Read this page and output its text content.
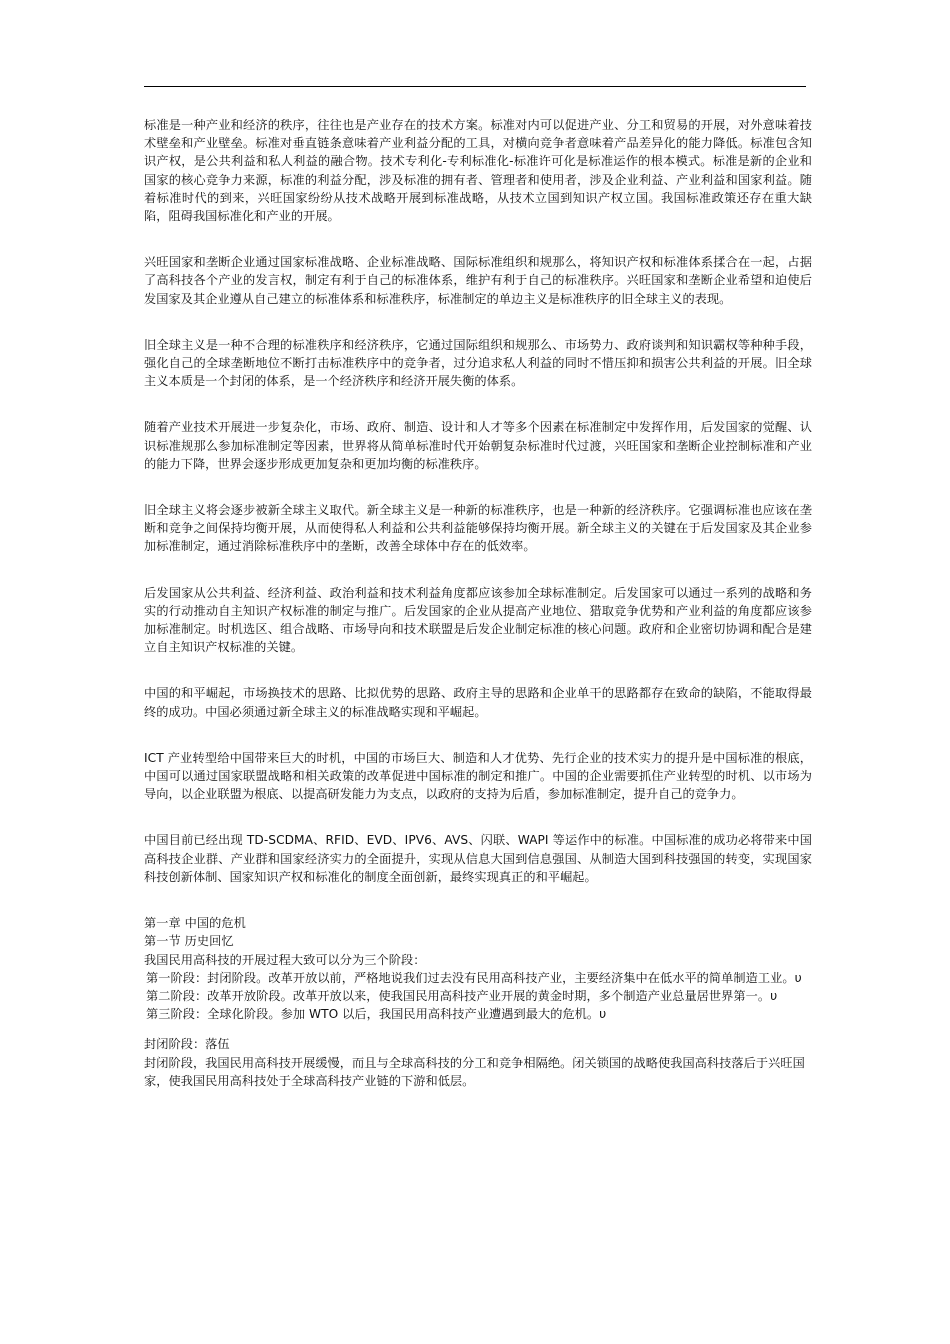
标准是一种产业和经济的秩序，往往也是产业存在的技术方案。标准对内可以促进产业、分工和贸易的开展，对外意味着技术壁垒和产业壁垒。标准对垂直链条意味着产业利益分配的工具，对横向竞争者意味着产品差异化的能力降低。标准包含知识产权，是公共利益和私人利益的融合物。技术专利化-专利标准化-标准许可化是标准运作的根本模式。标准是新的企业和国家的核心竞争力来源，标准的利益分配，涉及标准的拥有者、管理者和使用者，涉及企业利益、产业利益和国家利益。随着标准时代的到来，兴旺国家纷纷从技术战略开展到标准战略，从技术立国到知识产权立国。我国标准政策还存在重大缺陷，阻碍我国标准化和产业的开展。

兴旺国家和垄断企业通过国家标准战略、企业标准战略、国际标准组织和规那么，将知识产权和标准体系揉合在一起，占据了高科技各个产业的发言权，制定有利于自己的标准体系，维护有利于自己的标准秩序。兴旺国家和垄断企业希望和迫使后发国家及其企业遵从自己建立的标准体系和标准秩序，标准制定的单边主义是标准秩序的旧全球主义的表现。

旧全球主义是一种不合理的标准秩序和经济秩序，它通过国际组织和规那么、市场势力、政府谈判和知识霸权等种种手段，强化自己的全球垄断地位不断打击标准秩序中的竞争者，过分追求私人利益的同时不惜压抑和损害公共利益的开展。旧全球主义本质是一个封闭的体系，是一个经济秩序和经济开展失衡的体系。

随着产业技术开展进一步复杂化，市场、政府、制造、设计和人才等多个因素在标准制定中发挥作用，后发国家的觉醒、认识标准规那么参加标准制定等因素，世界将从简单标准时代开始朝复杂标准时代过渡，兴旺国家和垄断企业控制标准和产业的能力下降，世界会逐步形成更加复杂和更加均衡的标准秩序。

旧全球主义将会逐步被新全球主义取代。新全球主义是一种新的标准秩序，也是一种新的经济秩序。它强调标准也应该在垄断和竞争之间保持均衡开展，从而使得私人利益和公共利益能够保持均衡开展。新全球主义的关键在于后发国家及其企业参加标准制定，通过消除标准秩序中的垄断，改善全球体中存在的低效率。

后发国家从公共利益、经济利益、政治利益和技术利益角度都应该参加全球标准制定。后发国家可以通过一系列的战略和务实的行动推动自主知识产权标准的制定与推广。后发国家的企业从提高产业地位、猎取竞争优势和产业利益的角度都应该参加标准制定。时机选区、组合战略、市场导向和技术联盟是后发企业制定标准的核心问题。政府和企业密切协调和配合是建立自主知识产权标准的关键。

中国的和平崛起，市场换技术的思路、比拟优势的思路、政府主导的思路和企业单干的思路都存在致命的缺陷，不能取得最终的成功。中国必须通过新全球主义的标准战略实现和平崛起。

ICT 产业转型给中国带来巨大的时机，中国的市场巨大、制造和人才优势、先行企业的技术实力的提升是中国标准的根底，中国可以通过国家联盟战略和相关政策的改革促进中国标准的制定和推广。中国的企业需要抓住产业转型的时机、以市场为导向，以企业联盟为根底、以提高研发能力为支点，以政府的支持为后盾，参加标准制定，提升自己的竞争力。

中国目前已经出现 TD-SCDMA、RFID、EVD、IPV6、AVS、闪联、WAPI 等运作中的标准。中国标准的成功必将带来中国高科技企业群、产业群和国家经济实力的全面提升，实现从信息大国到信息强国、从制造大国到科技强国的转变，实现国家科技创新体制、国家知识产权和标准化的制度全面创新，最终实现真正的和平崛起。

第一章 中国的危机

第一节 历史回忆

我国民用高科技的开展过程大致可以分为三个阶段：

第一阶段：封闭阶段。改革开放以前，严格地说我们过去没有民用高科技产业，主要经济集中在低水平的简单制造工业。υ

第二阶段：改革开放阶段。改革开放以来，使我国民用高科技产业开展的黄金时期，多个制造产业总量居世界第一。υ

第三阶段：全球化阶段。参加 WTO 以后，我国民用高科技产业遭遇到最大的危机。υ

封闭阶段：落伍

封闭阶段，我国民用高科技开展缓慢，而且与全球高科技的分工和竞争相隔绝。闭关锁国的战略使我国高科技落后于兴旺国家，使我国民用高科技处于全球高科技产业链的下游和低层。
